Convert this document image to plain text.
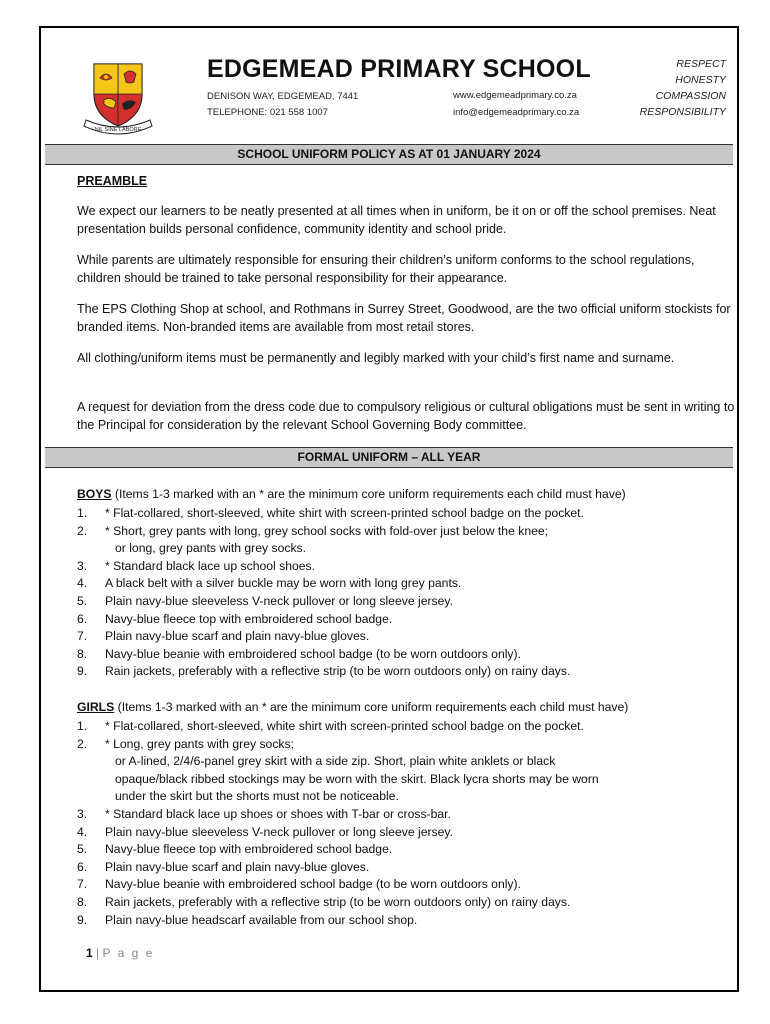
NIL SINE LABORE
EDGEMEAD PRIMARY SCHOOL
DENISON WAY, EDGEMEAD, 7441
TELEPHONE: 021 558 1007
www.edgemeadprimary.co.za
info@edgemeadprimary.co.za
RESPECT
HONESTY
COMPASSION
RESPONSIBILITY
SCHOOL UNIFORM POLICY AS AT 01 JANUARY 2024
PREAMBLE
We expect our learners to be neatly presented at all times when in uniform, be it on or off the school premises. Neat presentation builds personal confidence, community identity and school pride.
While parents are ultimately responsible for ensuring their children’s uniform conforms to the school regulations, children should be trained to take personal responsibility for their appearance.
The EPS Clothing Shop at school, and Rothmans in Surrey Street, Goodwood, are the two official uniform stockists for branded items. Non-branded items are available from most retail stores.
All clothing/uniform items must be permanently and legibly marked with your child’s first name and surname.
A request for deviation from the dress code due to compulsory religious or cultural obligations must be sent in writing to the Principal for consideration by the relevant School Governing Body committee.
FORMAL UNIFORM – ALL YEAR
BOYS (Items 1-3 marked with an * are the minimum core uniform requirements each child must have)
1. * Flat-collared, short-sleeved, white shirt with screen-printed school badge on the pocket.
2. * Short, grey pants with long, grey school socks with fold-over just below the knee;
or long, grey pants with grey socks.
3. * Standard black lace up school shoes.
4. A black belt with a silver buckle may be worn with long grey pants.
5. Plain navy-blue sleeveless V-neck pullover or long sleeve jersey.
6. Navy-blue fleece top with embroidered school badge.
7. Plain navy-blue scarf and plain navy-blue gloves.
8. Navy-blue beanie with embroidered school badge (to be worn outdoors only).
9. Rain jackets, preferably with a reflective strip (to be worn outdoors only) on rainy days.
GIRLS (Items 1-3 marked with an * are the minimum core uniform requirements each child must have)
1. * Flat-collared, short-sleeved, white shirt with screen-printed school badge on the pocket.
2. * Long, grey pants with grey socks;
or A-lined, 2/4/6-panel grey skirt with a side zip. Short, plain white anklets or black
opaque/black ribbed stockings may be worn with the skirt. Black lycra shorts may be worn
under the skirt but the shorts must not be noticeable.
3. * Standard black lace up shoes or shoes with T-bar or cross-bar.
4. Plain navy-blue sleeveless V-neck pullover or long sleeve jersey.
5. Navy-blue fleece top with embroidered school badge.
6. Plain navy-blue scarf and plain navy-blue gloves.
7. Navy-blue beanie with embroidered school badge (to be worn outdoors only).
8. Rain jackets, preferably with a reflective strip (to be worn outdoors only) on rainy days.
9. Plain navy-blue headscarf available from our school shop.
1 | P a g e
